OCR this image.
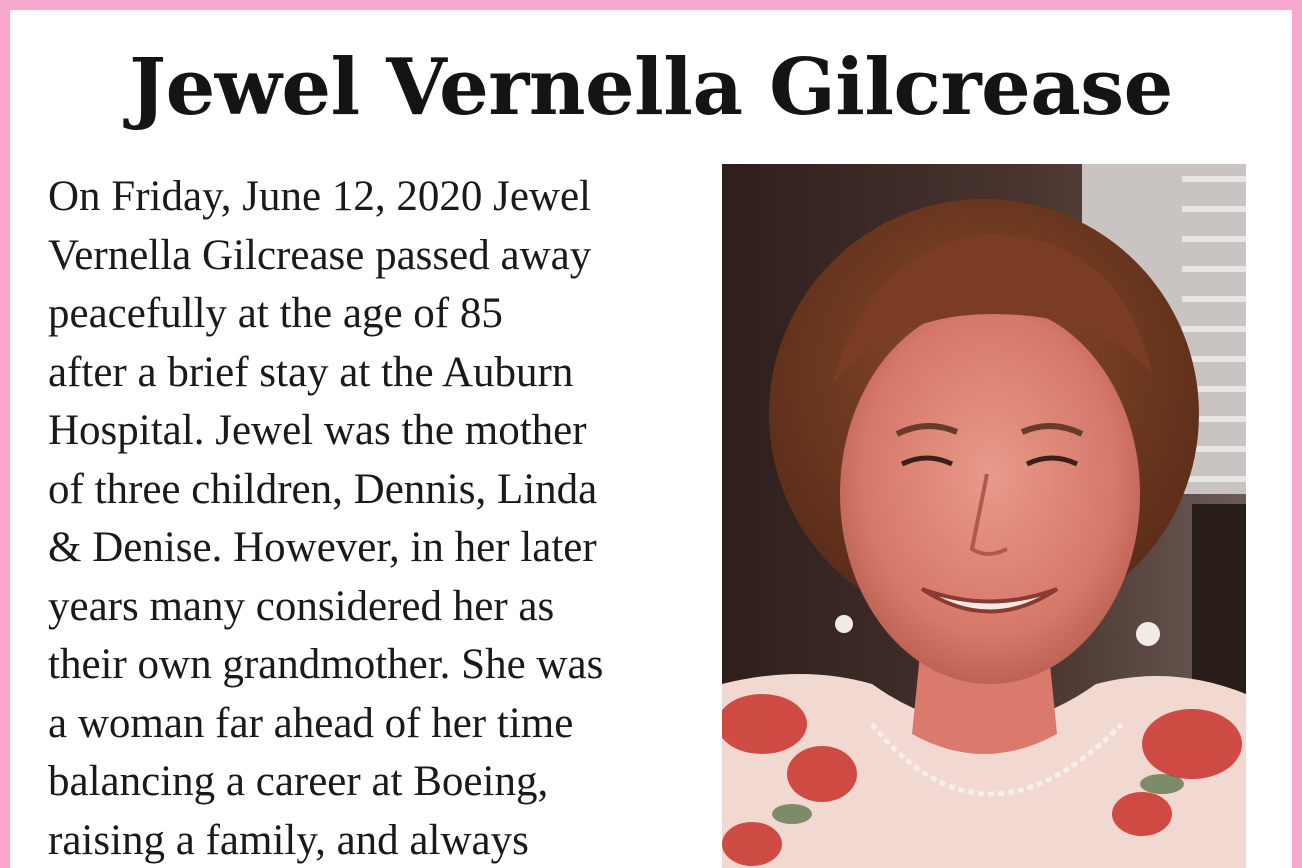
Jewel Vernella Gilcrease
On Friday, June 12, 2020 Jewel
Vernella Gilcrease passed away
peacefully at the age of 85
after a brief stay at the Auburn
Hospital. Jewel was the mother
of three children, Dennis, Linda
& Denise. However, in her later
years many considered her as
their own grandmother. She was
a woman far ahead of her time
balancing a career at Boeing,
raising a family, and always
